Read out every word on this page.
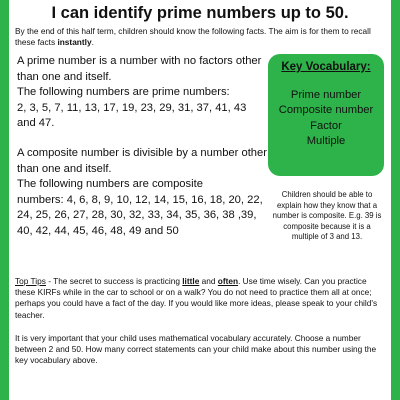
I can identify prime numbers up to 50.

By the end of this half term, children should know the following facts. The aim is for them to recall these facts instantly.

A prime number is a number with no factors other than one and itself.

The following numbers are prime numbers:

2, 3, 5, 7, 11, 13, 17, 19, 23, 29, 31, 37, 41, 43 and 47.

A composite number is divisible by a number other than one and itself.

The following numbers are composite

numbers: 4, 6, 8, 9, 10, 12, 14, 15, 16, 18, 20, 22, 24, 25, 26, 27, 28, 30, 32, 33, 34, 35, 36, 38 ,39, 40, 42, 44, 45, 46, 48, 49 and 50

Key Vocabulary:
Prime number
Composite number
Factor
Multiple
Children should be able to explain how they know that a number is composite. E.g. 39 is composite because it is a multiple of 3 and 13.

Top Tips - The secret to success is practicing little and often. Use time wisely. Can you practice these KIRFs while in the car to school or on a walk? You do not need to practice them all at once; perhaps you could have a fact of the day. If you would like more ideas, please speak to your child's teacher.

It is very important that your child uses mathematical vocabulary accurately. Choose a number between 2 and 50. How many correct statements can your child make about this number using the key vocabulary above.
